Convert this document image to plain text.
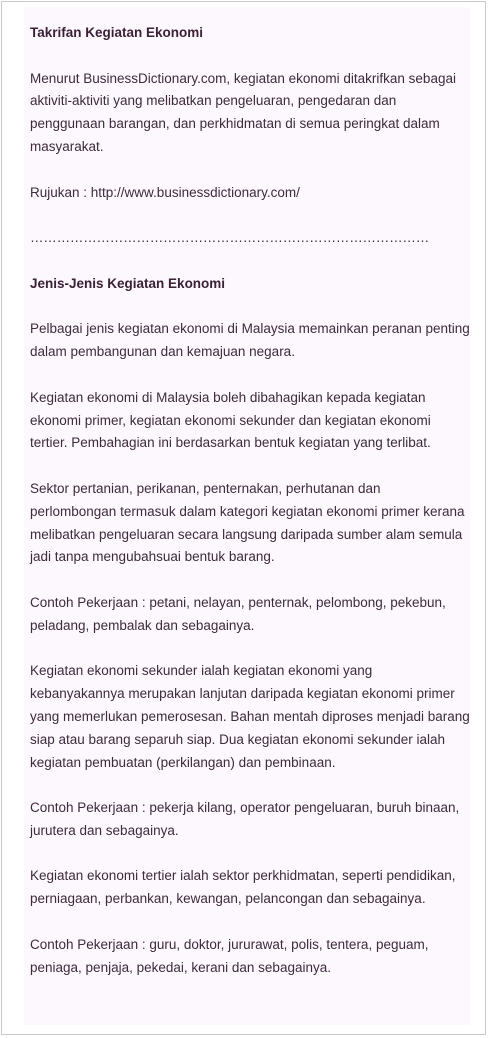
Takrifan Kegiatan Ekonomi

Menurut BusinessDictionary.com, kegiatan ekonomi ditakrifkan sebagai aktiviti-aktiviti yang melibatkan pengeluaran, pengedaran dan penggunaan barangan, dan perkhidmatan di semua peringkat dalam masyarakat.

Rujukan : http://www.businessdictionary.com/

………………………………………………………………………………

Jenis-Jenis Kegiatan Ekonomi

Pelbagai jenis kegiatan ekonomi di Malaysia memainkan peranan penting dalam pembangunan dan kemajuan negara.

Kegiatan ekonomi di Malaysia boleh dibahagikan kepada kegiatan ekonomi primer, kegiatan ekonomi sekunder dan kegiatan ekonomi tertier. Pembahagian ini berdasarkan bentuk kegiatan yang terlibat.

Sektor pertanian, perikanan, penternakan, perhutanan dan perlombongan termasuk dalam kategori kegiatan ekonomi primer kerana melibatkan pengeluaran secara langsung daripada sumber alam semula jadi tanpa mengubahsuai bentuk barang.

Contoh Pekerjaan : petani, nelayan, penternak, pelombong, pekebun, peladang, pembalak dan sebagainya.

Kegiatan ekonomi sekunder ialah kegiatan ekonomi yang kebanyakannya merupakan lanjutan daripada kegiatan ekonomi primer yang memerlukan pemerosesan. Bahan mentah diproses menjadi barang siap atau barang separuh siap. Dua kegiatan ekonomi sekunder ialah kegiatan pembuatan (perkilangan) dan pembinaan.

Contoh Pekerjaan : pekerja kilang, operator pengeluaran, buruh binaan, jurutera dan sebagainya.

Kegiatan ekonomi tertier ialah sektor perkhidmatan, seperti pendidikan, perniagaan, perbankan, kewangan, pelancongan dan sebagainya.

Contoh Pekerjaan : guru, doktor, jururawat, polis, tentera, peguam, peniaga, penjaja, pekedai, kerani dan sebagainya.
